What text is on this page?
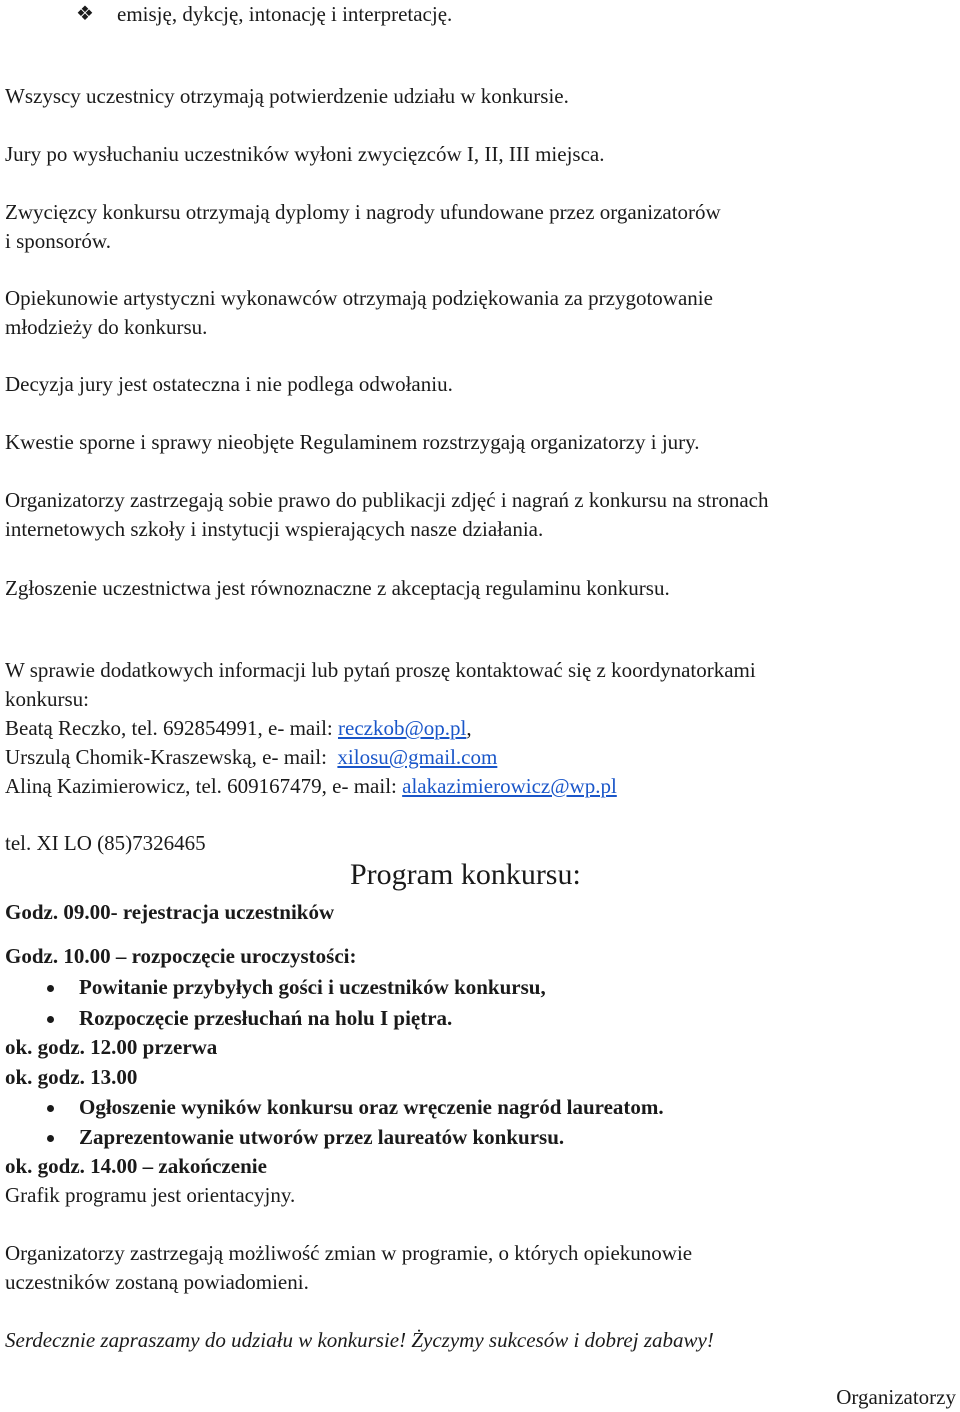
❖ emisję, dykcję, intonację i interpretację.
Wszyscy uczestnicy otrzymają potwierdzenie udziału w konkursie.
Jury po wysłuchaniu uczestników wyłoni zwycięzców I, II, III miejsca.
Zwycięzcy konkursu otrzymają dyplomy i nagrody ufundowane przez organizatorów
i sponsorów.
Opiekunowie artystyczni wykonawców otrzymają podziękowania za przygotowanie
młodzieży do konkursu.
Decyzja jury jest ostateczna i nie podlega odwołaniu.
Kwestie sporne i sprawy nieobjęte Regulaminem rozstrzygają organizatorzy i jury.
Organizatorzy zastrzegają sobie prawo do publikacji zdjęć i nagrań z konkursu na stronach
internetowych szkoły i instytucji wspierających nasze działania.
Zgłoszenie uczestnictwa jest równoznaczne z akceptacją regulaminu konkursu.
W sprawie dodatkowych informacji lub pytań proszę kontaktować się z koordynatorkami
konkursu:
Beatą Reczko, tel. 692854991, e- mail: reczkob@op.pl,
Urszulą Chomik-Kraszewską, e- mail:  xilosu@gmail.com
Aliną Kazimierowicz, tel. 609167479, e- mail: alakazimierowicz@wp.pl
tel. XI LO (85)7326465
Program konkursu:
Godz. 09.00- rejestracja uczestników
Godz. 10.00 – rozpoczęcie uroczystości:
Powitanie przybyłych gości i uczestników konkursu,
Rozpoczęcie przesłuchań na holu I piętra.
ok. godz. 12.00 przerwa
ok. godz. 13.00
Ogłoszenie wyników konkursu oraz wręczenie nagród laureatom.
Zaprezentowanie utworów przez laureatów konkursu.
ok. godz. 14.00 – zakończenie
Grafik programu jest orientacyjny.
Organizatorzy zastrzegają możliwość zmian w programie, o których opiekunowie
uczestników zostaną powiadomieni.
Serdecznie zapraszamy do udziału w konkursie! Życzymy sukcesów i dobrej zabawy!
Organizatorzy
